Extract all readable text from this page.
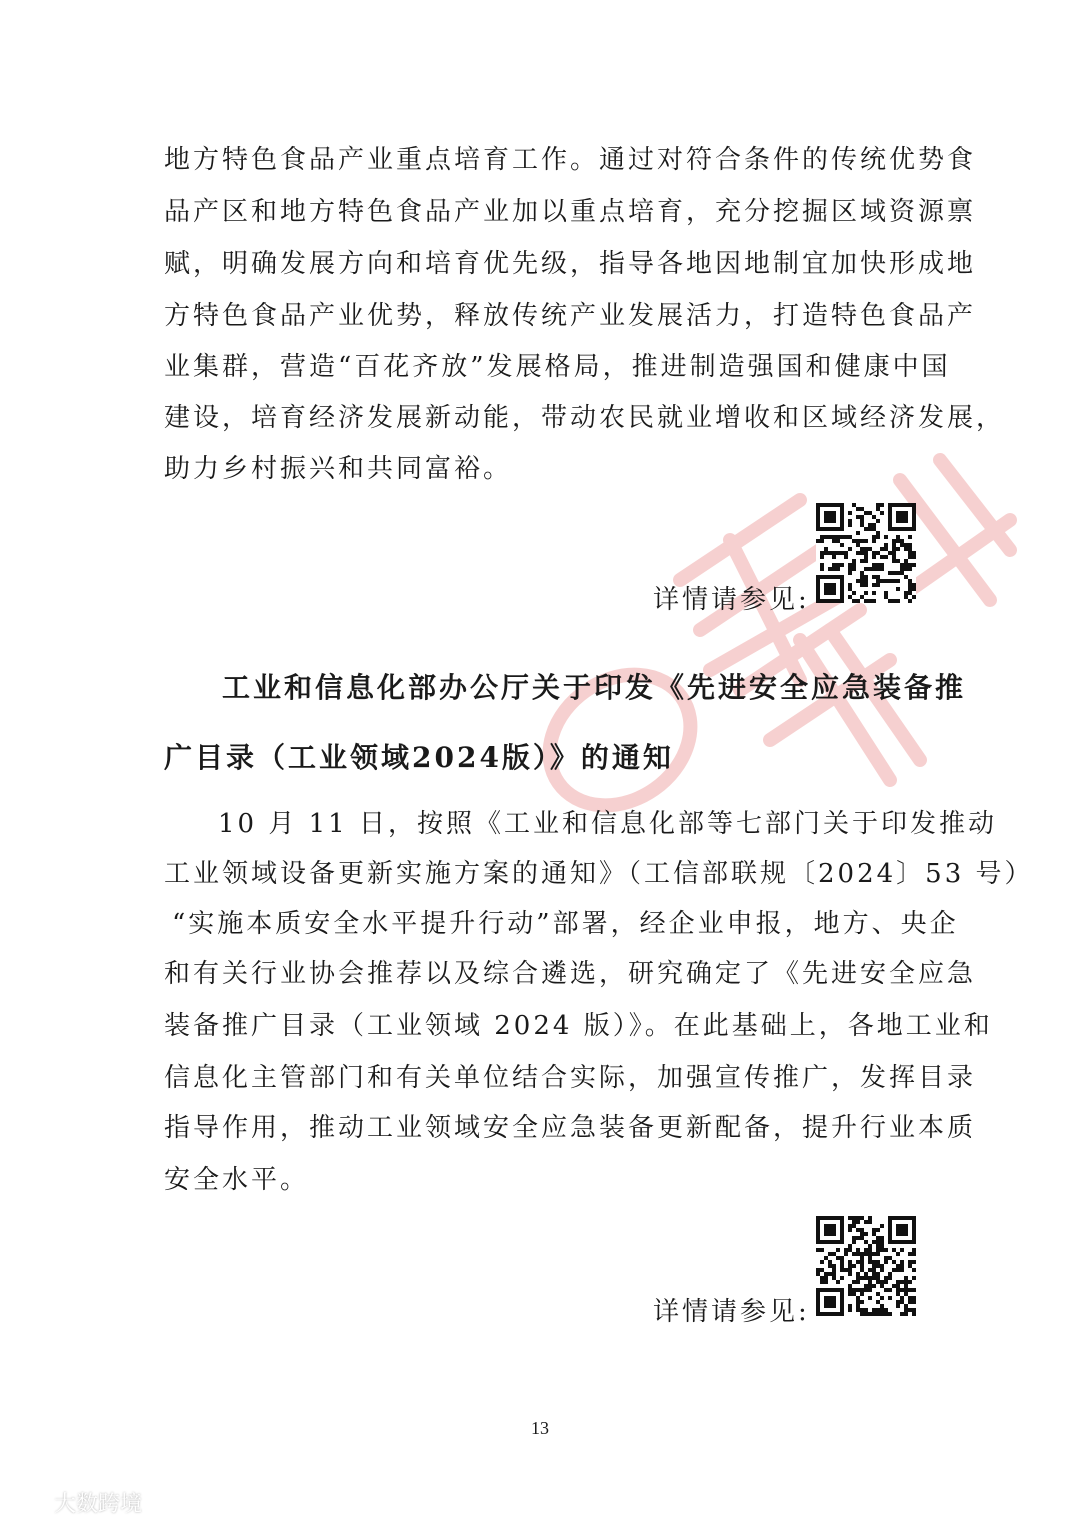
地方特色食品产业重点培育工作。通过对符合条件的传统优势食
品产区和地方特色食品产业加以重点培育，充分挖掘区域资源禀
赋，明确发展方向和培育优先级，指导各地因地制宜加快形成地
方特色食品产业优势，释放传统产业发展活力，打造特色食品产
业集群，营造“百花齐放”发展格局，推进制造强国和健康中国
建设，培育经济发展新动能，带动农民就业增收和区域经济发展，
助力乡村振兴和共同富裕。
详情请参见:
工业和信息化部办公厅关于印发《先进安全应急装备推
广目录（工业领域2024版）》的通知
10 月 11 日，按照《工业和信息化部等七部门关于印发推动
工业领域设备更新实施方案的通知》（工信部联规〔2024〕53 号）
“实施本质安全水平提升行动”部署，经企业申报，地方、央企
和有关行业协会推荐以及综合遴选，研究确定了《先进安全应急
装备推广目录（工业领域 2024 版）》。在此基础上，各地工业和
信息化主管部门和有关单位结合实际，加强宣传推广，发挥目录
指导作用，推动工业领域安全应急装备更新配备，提升行业本质
安全水平。
详情请参见:
13
大数跨境
